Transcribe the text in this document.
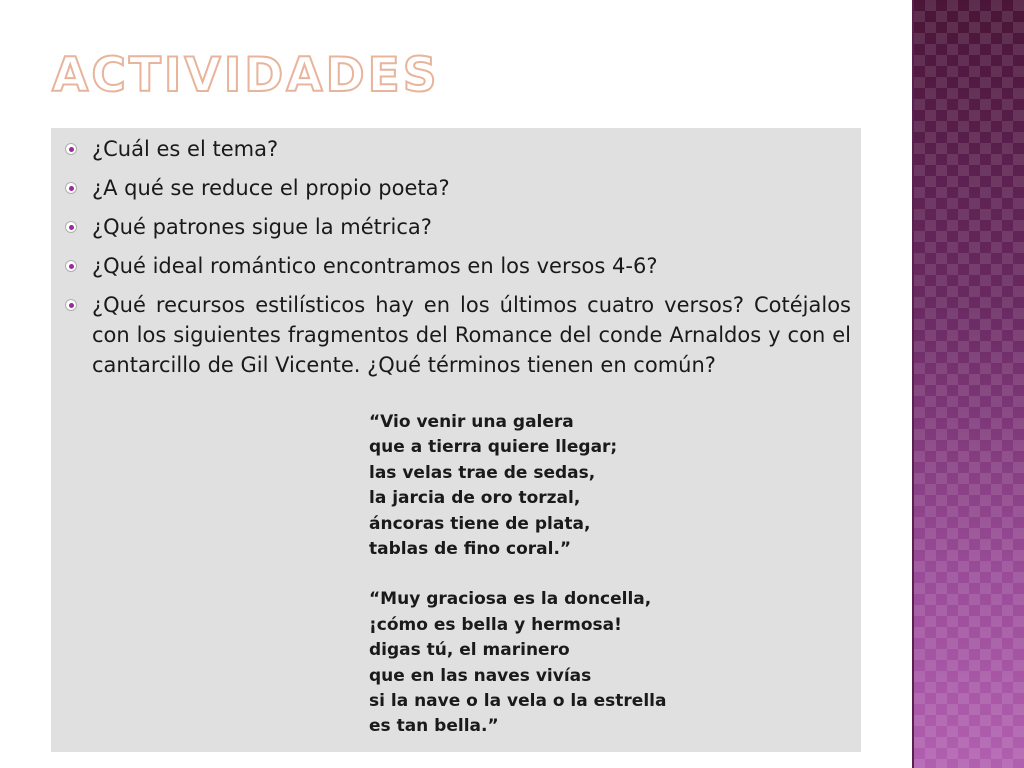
ACTIVIDADES
¿Cuál es el tema?
¿A qué se reduce el propio poeta?
¿Qué patrones sigue la métrica?
¿Qué ideal romántico encontramos en los versos 4-6?
¿Qué recursos estilísticos hay en los últimos cuatro versos? Cotéjalos con los siguientes fragmentos del Romance del conde Arnaldos y con el cantarcillo de Gil Vicente. ¿Qué términos tienen en común?

“Vio venir una galera
que a tierra quiere llegar;
las velas trae de sedas,
la jarcia de oro torzal,
áncoras tiene de plata,
tablas de fino coral.”

“Muy graciosa es la doncella,
¡cómo es bella y hermosa!
digas tú, el marinero
que en las naves vivías
si la nave o la vela o la estrella
es tan bella.”
